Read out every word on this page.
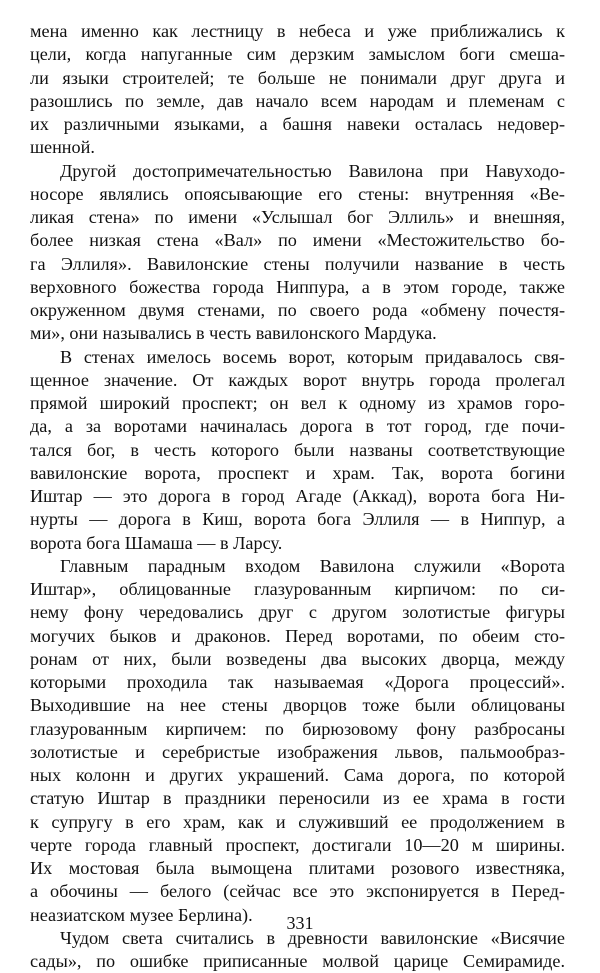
мена именно как лестницу в небеса и уже приближались к
цели, когда напуганные сим дерзким замыслом боги смеша-
ли языки строителей; те больше не понимали друг друга и
разошлись по земле, дав начало всем народам и племенам с
их различными языками, а башня навеки осталась недовер-
шенной.
Другой достопримечательностью Вавилона при Навуходо-
носоре являлись опоясывающие его стены: внутренняя «Ве-
ликая стена» по имени «Услышал бог Эллиль» и внешняя,
более низкая стена «Вал» по имени «Местожительство бо-
га Эллиля». Вавилонские стены получили название в честь
верховного божества города Ниппура, а в этом городе, также
окруженном двумя стенами, по своего рода «обмену почестя-
ми», они назывались в честь вавилонского Мардука.
В стенах имелось восемь ворот, которым придавалось свя-
щенное значение. От каждых ворот внутрь города пролегал
прямой широкий проспект; он вел к одному из храмов горо-
да, а за воротами начиналась дорога в тот город, где почи-
тался бог, в честь которого были названы соответствующие
вавилонские ворота, проспект и храм. Так, ворота богини
Иштар — это дорога в город Агаде (Аккад), ворота бога Ни-
нурты — дорога в Киш, ворота бога Эллиля — в Ниппур, а
ворота бога Шамаша — в Ларсу.
Главным парадным входом Вавилона служили «Ворота
Иштар», облицованные глазурованным кирпичом: по си-
нему фону чередовались друг с другом золотистые фигуры
могучих быков и драконов. Перед воротами, по обеим сто-
ронам от них, были возведены два высоких дворца, между
которыми проходила так называемая «Дорога процессий».
Выходившие на нее стены дворцов тоже были облицованы
глазурованным кирпичем: по бирюзовому фону разбросаны
золотистые и серебристые изображения львов, пальмообраз-
ных колонн и других украшений. Сама дорога, по которой
статую Иштар в праздники переносили из ее храма в гости
к супругу в его храм, как и служивший ее продолжением в
черте города главный проспект, достигали 10—20 м ширины.
Их мостовая была вымощена плитами розового известняка,
а обочины — белого (сейчас все это экспонируется в Перед-
неазиатском музее Берлина).
Чудом света считались в древности вавилонские «Висячие
сады», по ошибке приписанные молвой царице Семирамиде.
331
